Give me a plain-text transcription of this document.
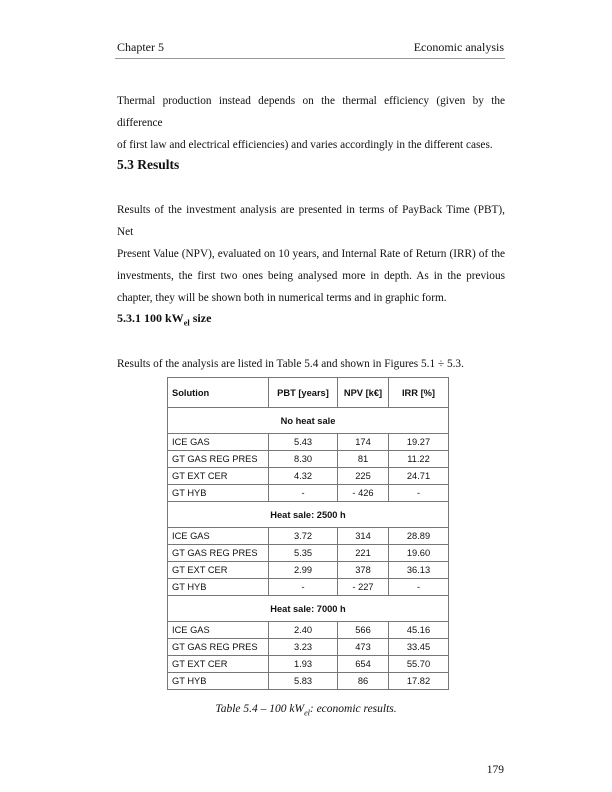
Chapter 5	Economic analysis
Thermal production instead depends on the thermal efficiency (given by the difference
of first law and electrical efficiencies) and varies accordingly in the different cases.
5.3 Results
Results of the investment analysis are presented in terms of PayBack Time (PBT), Net
Present Value (NPV), evaluated on 10 years, and Internal Rate of Return (IRR) of the
investments, the first two ones being analysed more in depth. As in the previous
chapter, they will be shown both in numerical terms and in graphic form.
5.3.1 100 $kW_{el}$ size
Results of the analysis are listed in Table 5.4 and shown in Figures 5.1 ÷ 5.3.
Solution	PBT [years]	NPV [k€]	IRR [%]
No heat sale			
ICE GAS	5.43	174	19.27
GT GAS REG PRES	8.30	81	11.22
GT EXT CER	4.32	225	24.71
GT HYB	-	- 426	-
Heat sale: 2500 h			
ICE GAS	3.72	314	28.89
GT GAS REG PRES	5.35	221	19.60
GT EXT CER	2.99	378	36.13
GT HYB	-	- 227	-
Heat sale: 7000 h			
ICE GAS	2.40	566	45.16
GT GAS REG PRES	3.23	473	33.45
GT EXT CER	1.93	654	55.70
GT HYB	5.83	86	17.82
Table 5.4 – 100 $kW_{el}$: economic results.
179
